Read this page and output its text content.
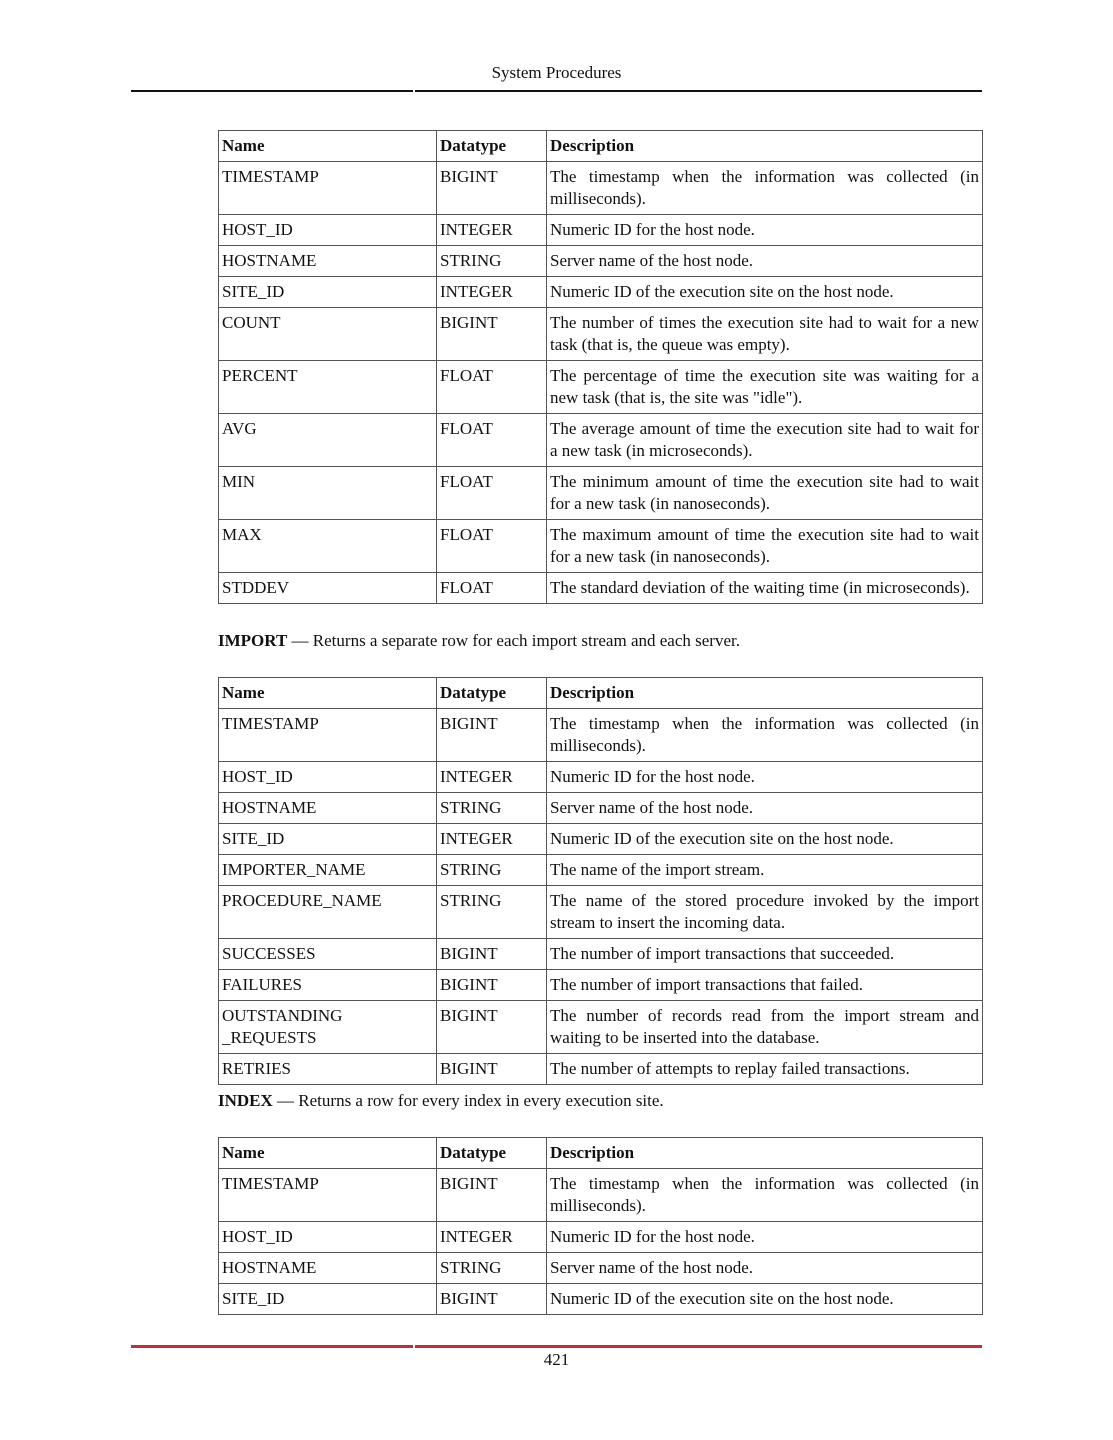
System Procedures
Name	Datatype	Description
TIMESTAMP	BIGINT	The timestamp when the information was collected (in milliseconds).
HOST_ID	INTEGER	Numeric ID for the host node.
HOSTNAME	STRING	Server name of the host node.
SITE_ID	INTEGER	Numeric ID of the execution site on the host node.
COUNT	BIGINT	The number of times the execution site had to wait for a new task (that is, the queue was empty).
PERCENT	FLOAT	The percentage of time the execution site was waiting for a new task (that is, the site was "idle").
AVG	FLOAT	The average amount of time the execution site had to wait for a new task (in microseconds).
MIN	FLOAT	The minimum amount of time the execution site had to wait for a new task (in nanoseconds).
MAX	FLOAT	The maximum amount of time the execution site had to wait for a new task (in nanoseconds).
STDDEV	FLOAT	The standard deviation of the waiting time (in microseconds).
IMPORT — Returns a separate row for each import stream and each server.
Name	Datatype	Description
TIMESTAMP	BIGINT	The timestamp when the information was collected (in milliseconds).
HOST_ID	INTEGER	Numeric ID for the host node.
HOSTNAME	STRING	Server name of the host node.
SITE_ID	INTEGER	Numeric ID of the execution site on the host node.
IMPORTER_NAME	STRING	The name of the import stream.
PROCEDURE_NAME	STRING	The name of the stored procedure invoked by the import stream to insert the incoming data.
SUCCESSES	BIGINT	The number of import transactions that succeeded.
FAILURES	BIGINT	The number of import transactions that failed.
OUTSTANDING _REQUESTS	BIGINT	The number of records read from the import stream and waiting to be inserted into the database.
RETRIES	BIGINT	The number of attempts to replay failed transactions.
INDEX — Returns a row for every index in every execution site.
Name	Datatype	Description
TIMESTAMP	BIGINT	The timestamp when the information was collected (in milliseconds).
HOST_ID	INTEGER	Numeric ID for the host node.
HOSTNAME	STRING	Server name of the host node.
SITE_ID	BIGINT	Numeric ID of the execution site on the host node.
421
